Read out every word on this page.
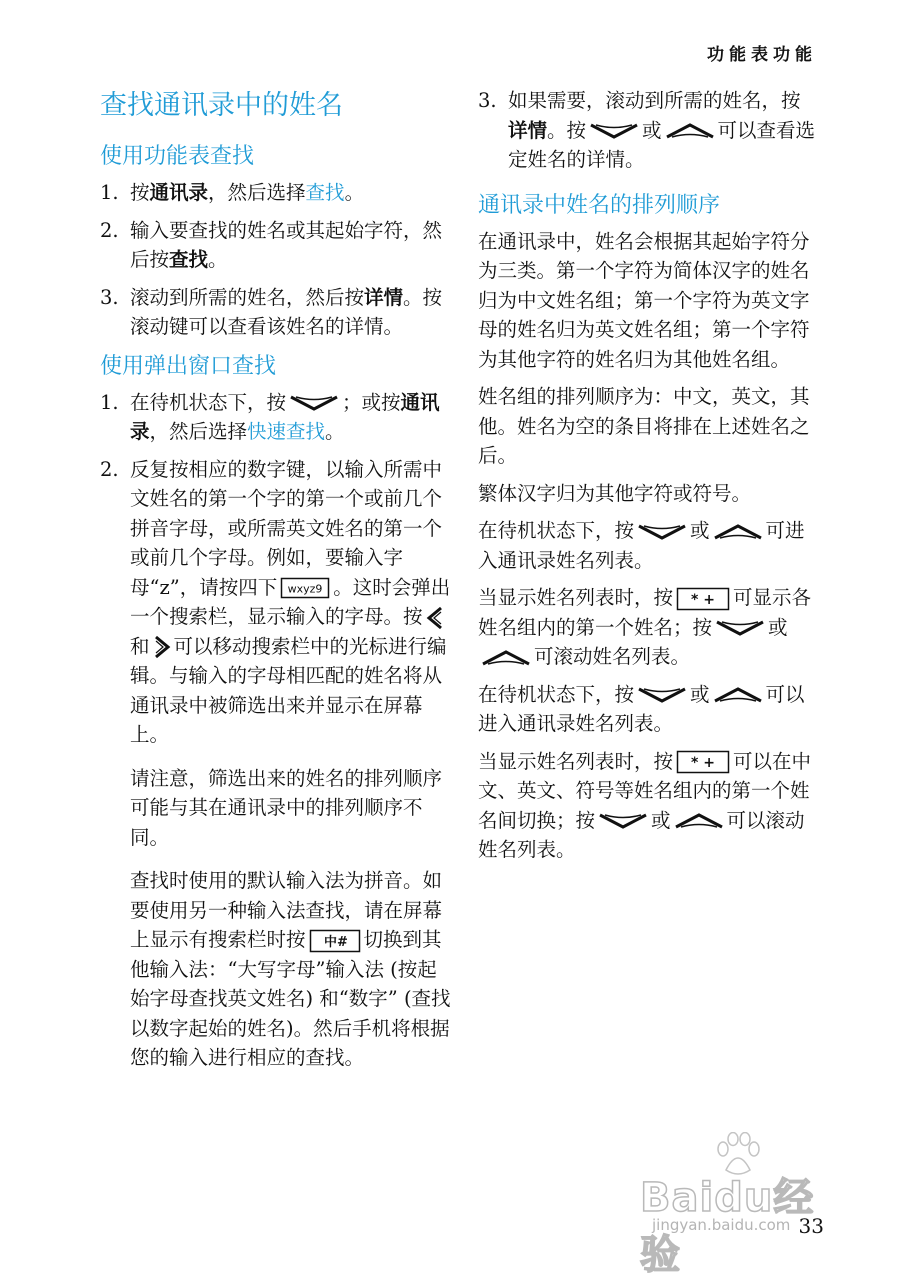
功能表功能
查找通讯录中的姓名
使用功能表查找
1. 按通讯录，然后选择查找。
2. 输入要查找的姓名或其起始字符，然后按查找。
3. 滚动到所需的姓名，然后按详情。按滚动键可以查看该姓名的详情。
使用弹出窗口查找
1. 在待机状态下，按	；或按通讯录，然后选择快速查找。
2. 反复按相应的数字键，以输入所需中文姓名的第一个字的第一个或前几个拼音字母，或所需英文姓名的第一个或前几个字母。例如，要输入字母“z”，请按四下 wxyz9 。这时会弹出一个搜索栏，显示输入的字母。按
和 可以移动搜索栏中的光标进行编辑。与输入的字母相匹配的姓名将从通讯录中被筛选出来并显示在屏幕上。

请注意，筛选出来的姓名的排列顺序可能与其在通讯录中的排列顺序不同。

查找时使用的默认输入法为拼音。如要使用另一种输入法查找，请在屏幕上显示有搜索栏时按 中# 切换到其他输入法：“大写字母”输入法 (按起始字母查找英文姓名) 和“数字” (查找以数字起始的姓名)。然后手机将根据您的输入进行相应的查找。

3. 如果需要，滚动到所需的姓名，按详情。按	或	可以查看选定姓名的详情。
通讯录中姓名的排列顺序

在通讯录中，姓名会根据其起始字符分为三类。第一个字符为简体汉字的姓名归为中文姓名组；第一个字符为英文字母的姓名归为英文姓名组；第一个字符为其他字符的姓名归为其他姓名组。

姓名组的排列顺序为：中文，英文，其他。姓名为空的条目将排在上述姓名之后。

繁体汉字归为其他字符或符号。

在待机状态下，按	或	可进入通讯录姓名列表。

当显示姓名列表时，按 * + 可显示各姓名组内的第一个姓名；按	或
可滚动姓名列表。

在待机状态下，按	或	可以进入通讯录姓名列表。

当显示姓名列表时，按 * + 可以在中文、英文、符号等姓名组内的第一个姓名间切换；按	或	可以滚动姓名列表。

Baidu经验
jingyan.baidu.com 33
